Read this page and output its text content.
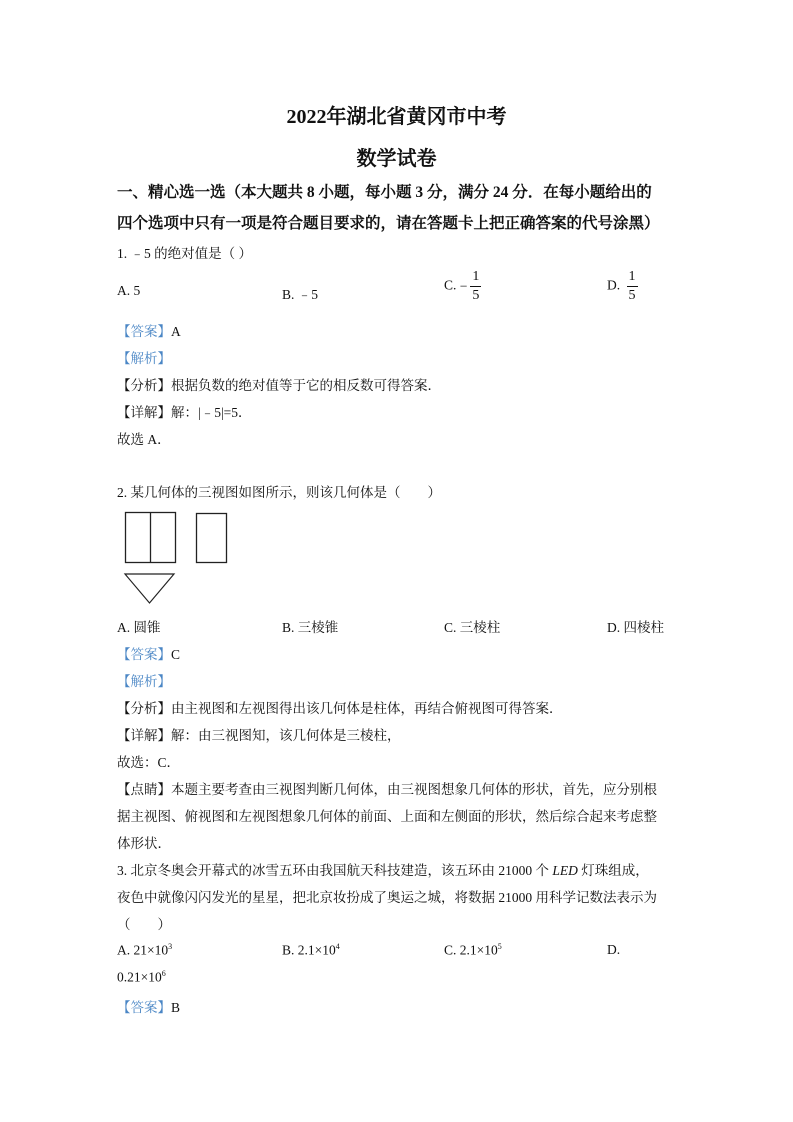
2022年湖北省黄冈市中考
数学试卷
一、精心选一选（本大题共 8 小题，每小题 3 分，满分 24 分．在每小题给出的
四个选项中只有一项是符合题目要求的，请在答题卡上把正确答案的代号涂黑）
1. ﹣5 的绝对值是（ ）
A. 5	B. ﹣5
C. − $\frac{1}{5}$	D. $\frac{1}{5}$
【答案】A
【解析】
【分析】根据负数的绝对值等于它的相反数可得答案．
【详解】解：|﹣5|=5．
故选 A．
2. 某几何体的三视图如图所示，则该几何体是（　　）
A. 圆锥	B. 三棱锥	C. 三棱柱	D. 四棱柱
【答案】C
【解析】
【分析】由主视图和左视图得出该几何体是柱体，再结合俯视图可得答案．
【详解】解：由三视图知，该几何体是三棱柱，
故选：C．
【点睛】本题主要考查由三视图判断几何体，由三视图想象几何体的形状，首先，应分别根
据主视图、俯视图和左视图想象几何体的前面、上面和左侧面的形状，然后综合起来考虑整
体形状．
3. 北京冬奥会开幕式的冰雪五环由我国航天科技建造，该五环由 21000 个 LED 灯珠组成，
夜色中就像闪闪发光的星星，把北京妆扮成了奥运之城，将数据 21000 用科学记数法表示为
（　　）
A. $21\times 10^3$	B. $2.1\times 10^4$	C. $2.1\times 10^5$	D.
$0.21\times 10^6$
【答案】B
